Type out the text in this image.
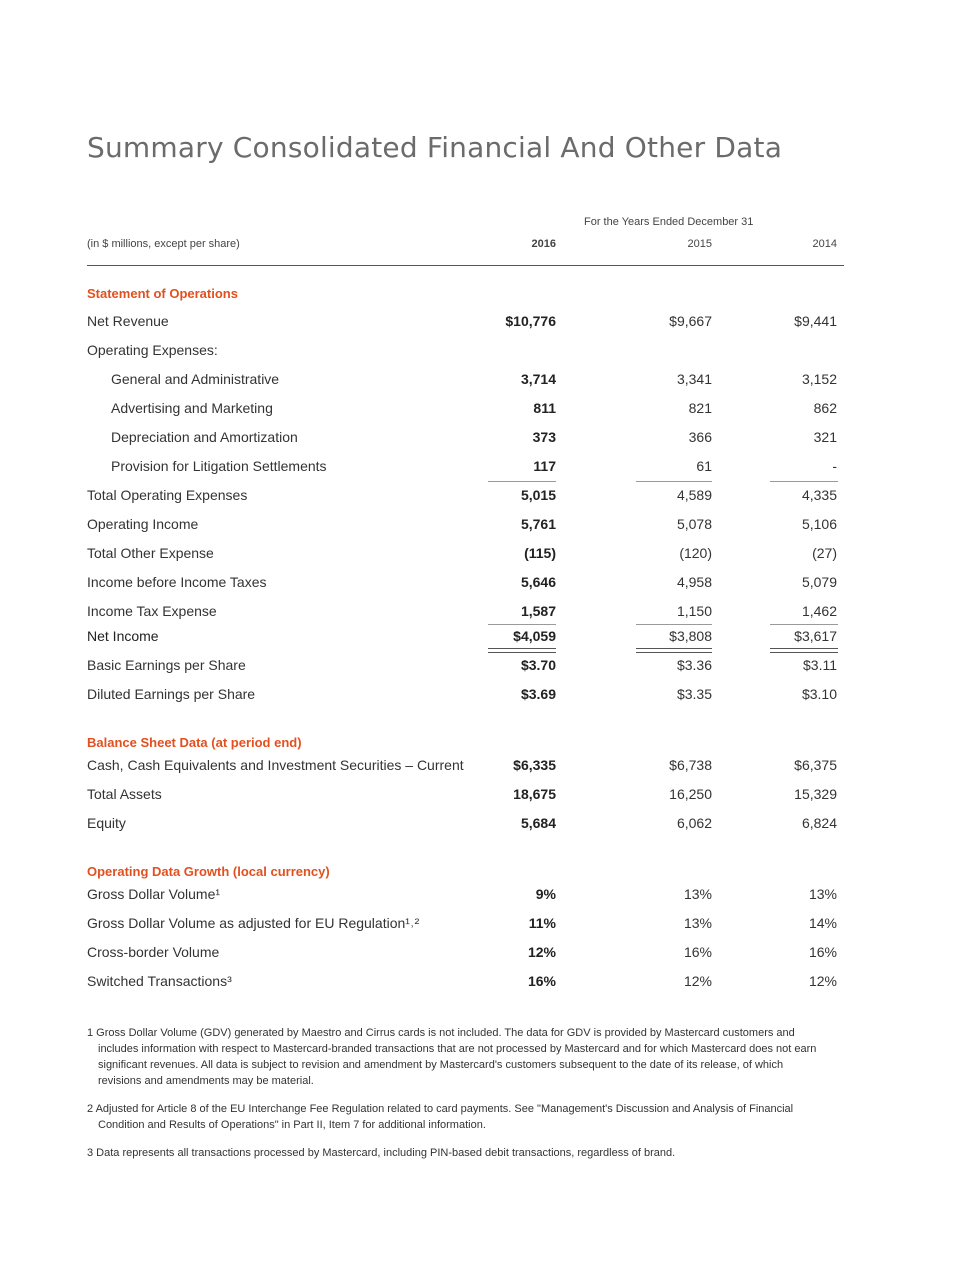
Summary Consolidated Financial And Other Data
For the Years Ended December 31
(in $ millions, except per share)	2016	2015	2014
Statement of Operations
Net Revenue	$10,776	$9,667	$9,441
Operating Expenses:
General and Administrative	3,714	3,341	3,152
Advertising and Marketing	811	821	862
Depreciation and Amortization	373	366	321
Provision for Litigation Settlements	117	61	-
Total Operating Expenses	5,015	4,589	4,335
Operating Income	5,761	5,078	5,106
Total Other Expense	(115)	(120)	(27)
Income before Income Taxes	5,646	4,958	5,079
Income Tax Expense	1,587	1,150	1,462
Net Income	$4,059	$3,808	$3,617
Basic Earnings per Share	$3.70	$3.36	$3.11
Diluted Earnings per Share	$3.69	$3.35	$3.10
Balance Sheet Data (at period end)
Cash, Cash Equivalents and Investment Securities – Current	$6,335	$6,738	$6,375
Total Assets	18,675	16,250	15,329
Equity	5,684	6,062	6,824
Operating Data Growth (local currency)
Gross Dollar Volume¹	9%	13%	13%
Gross Dollar Volume as adjusted for EU Regulation¹˒²	11%	13%	14%
Cross-border Volume	12%	16%	16%
Switched Transactions³	16%	12%	12%

1 Gross Dollar Volume (GDV) generated by Maestro and Cirrus cards is not included. The data for GDV is provided by Mastercard customers and includes information with respect to Mastercard-branded transactions that are not processed by Mastercard and for which Mastercard does not earn significant revenues. All data is subject to revision and amendment by Mastercard's customers subsequent to the date of its release, of which revisions and amendments may be material.

2 Adjusted for Article 8 of the EU Interchange Fee Regulation related to card payments. See "Management's Discussion and Analysis of Financial Condition and Results of Operations" in Part II, Item 7 for additional information.

3 Data represents all transactions processed by Mastercard, including PIN-based debit transactions, regardless of brand.
